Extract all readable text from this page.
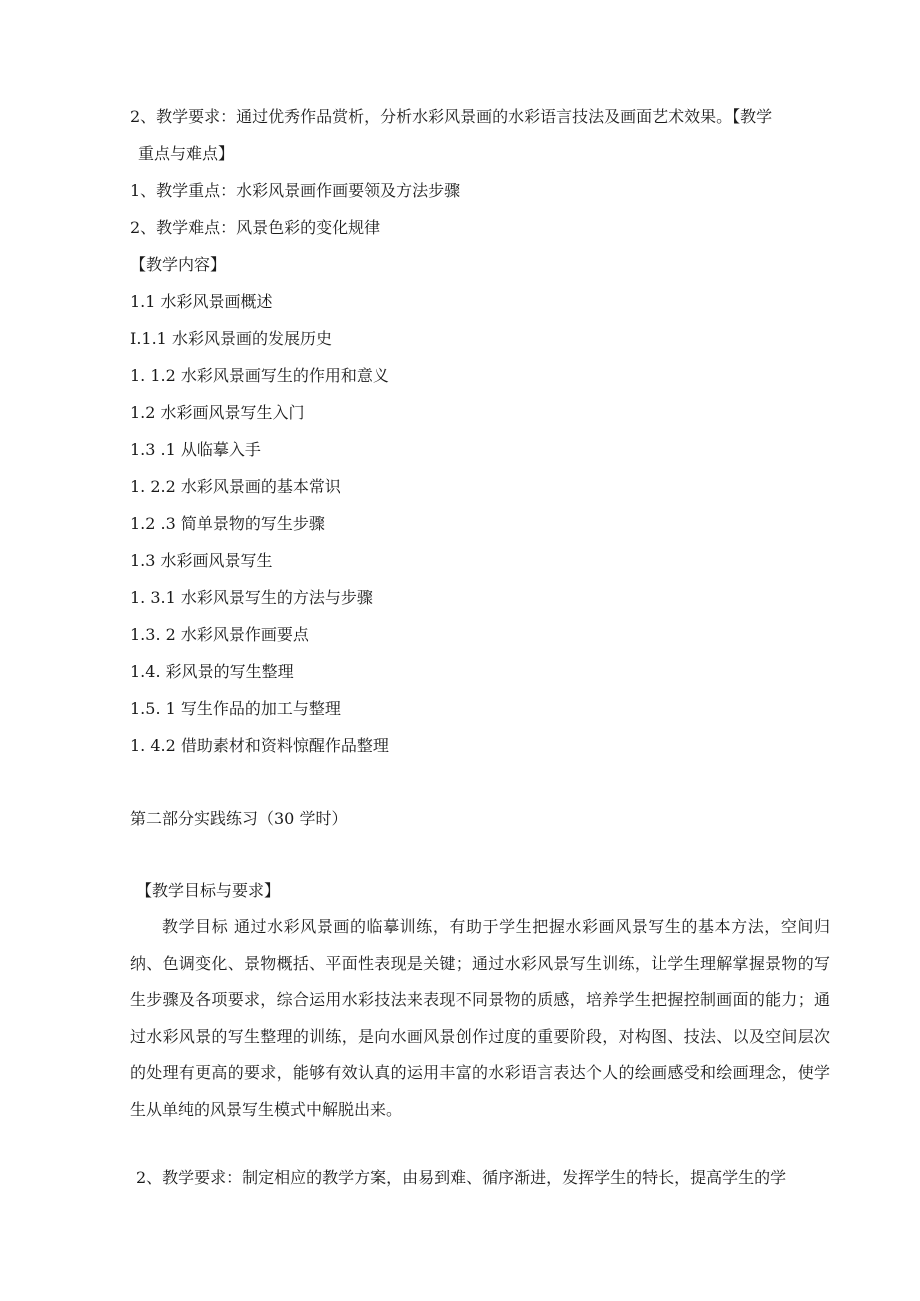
2、教学要求：通过优秀作品赏析，分析水彩风景画的水彩语言技法及画面艺术效果。【教学
重点与难点】
1、教学重点：水彩风景画作画要领及方法步骤
2、教学难点：风景色彩的变化规律
【教学内容】
1.1 水彩风景画概述
I.1.1 水彩风景画的发展历史
1. 1.2 水彩风景画写生的作用和意义
1.2 水彩画风景写生入门
1.3 .1 从临摹入手
1. 2.2 水彩风景画的基本常识
1.2 .3 简单景物的写生步骤
1.3 水彩画风景写生
1. 3.1 水彩风景写生的方法与步骤
1.3. 2 水彩风景作画要点
1.4. 彩风景的写生整理
1.5. 1 写生作品的加工与整理
1. 4.2 借助素材和资料惊醒作品整理
第二部分实践练习（30 学时）
【教学目标与要求】
教学目标 通过水彩风景画的临摹训练，有助于学生把握水彩画风景写生的基本方法，空间归纳、色调变化、景物概括、平面性表现是关键；通过水彩风景写生训练，让学生理解掌握景物的写生步骤及各项要求，综合运用水彩技法来表现不同景物的质感，培养学生把握控制画面的能力；通过水彩风景的写生整理的训练，是向水画风景创作过度的重要阶段，对构图、技法、以及空间层次的处理有更高的要求，能够有效认真的运用丰富的水彩语言表达个人的绘画感受和绘画理念，使学生从单纯的风景写生模式中解脱出来。
2、教学要求：制定相应的教学方案，由易到难、循序渐进，发挥学生的特长，提高学生的学
